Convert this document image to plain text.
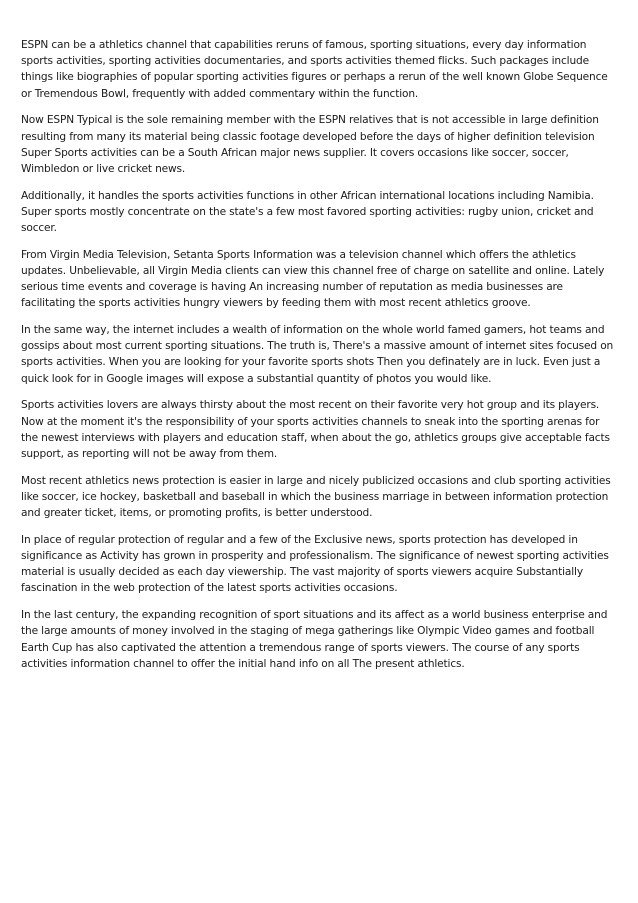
ESPN can be a athletics channel that capabilities reruns of famous, sporting situations, every day information sports activities, sporting activities documentaries, and sports activities themed flicks. Such packages include things like biographies of popular sporting activities figures or perhaps a rerun of the well known Globe Sequence or Tremendous Bowl, frequently with added commentary within the function.

Now ESPN Typical is the sole remaining member with the ESPN relatives that is not accessible in large definition resulting from many its material being classic footage developed before the days of higher definition television Super Sports activities can be a South African major news supplier. It covers occasions like soccer, soccer, Wimbledon or live cricket news.

Additionally, it handles the sports activities functions in other African international locations including Namibia. Super sports mostly concentrate on the state's a few most favored sporting activities: rugby union, cricket and soccer.

From Virgin Media Television, Setanta Sports Information was a television channel which offers the athletics updates. Unbelievable, all Virgin Media clients can view this channel free of charge on satellite and online. Lately serious time events and coverage is having An increasing number of reputation as media businesses are facilitating the sports activities hungry viewers by feeding them with most recent athletics groove.

In the same way, the internet includes a wealth of information on the whole world famed gamers, hot teams and gossips about most current sporting situations. The truth is, There's a massive amount of internet sites focused on sports activities. When you are looking for your favorite sports shots Then you definately are in luck. Even just a quick look for in Google images will expose a substantial quantity of photos you would like.

Sports activities lovers are always thirsty about the most recent on their favorite very hot group and its players. Now at the moment it's the responsibility of your sports activities channels to sneak into the sporting arenas for the newest interviews with players and education staff, when about the go, athletics groups give acceptable facts support, as reporting will not be away from them.

Most recent athletics news protection is easier in large and nicely publicized occasions and club sporting activities like soccer, ice hockey, basketball and baseball in which the business marriage in between information protection and greater ticket, items, or promoting profits, is better understood.

In place of regular protection of regular and a few of the Exclusive news, sports protection has developed in significance as Activity has grown in prosperity and professionalism. The significance of newest sporting activities material is usually decided as each day viewership. The vast majority of sports viewers acquire Substantially fascination in the web protection of the latest sports activities occasions.

In the last century, the expanding recognition of sport situations and its affect as a world business enterprise and the large amounts of money involved in the staging of mega gatherings like Olympic Video games and football Earth Cup has also captivated the attention a tremendous range of sports viewers. The course of any sports activities information channel to offer the initial hand info on all The present athletics.
